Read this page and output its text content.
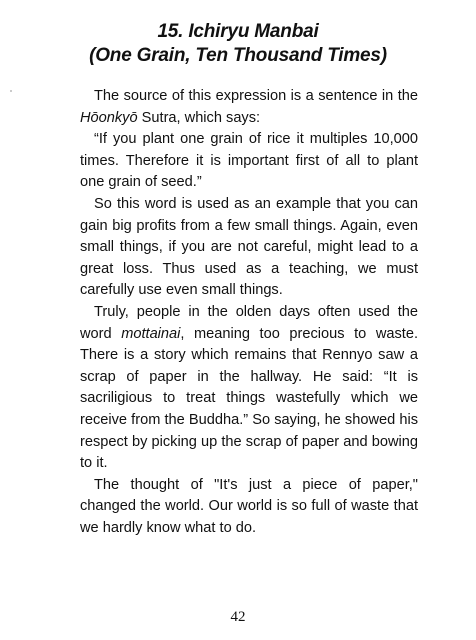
15. Ichiryu Manbai
(One Grain, Ten Thousand Times)

The source of this expression is a sentence in the Hōonkyō Sutra, which says:

“If you plant one grain of rice it multiples 10,000 times. Therefore it is important first of all to plant one grain of seed.”

So this word is used as an example that you can gain big profits from a few small things. Again, even small things, if you are not careful, might lead to a great loss. Thus used as a teaching, we must carefully use even small things.

Truly, people in the olden days often used the word mottainai, meaning too precious to waste. There is a story which remains that Rennyo saw a scrap of paper in the hallway. He said: “It is sacriligious to treat things wastefully which we receive from the Buddha.” So saying, he showed his respect by picking up the scrap of paper and bowing to it.

The thought of "It's just a piece of paper," changed the world. Our world is so full of waste that we hardly know what to do.

42
